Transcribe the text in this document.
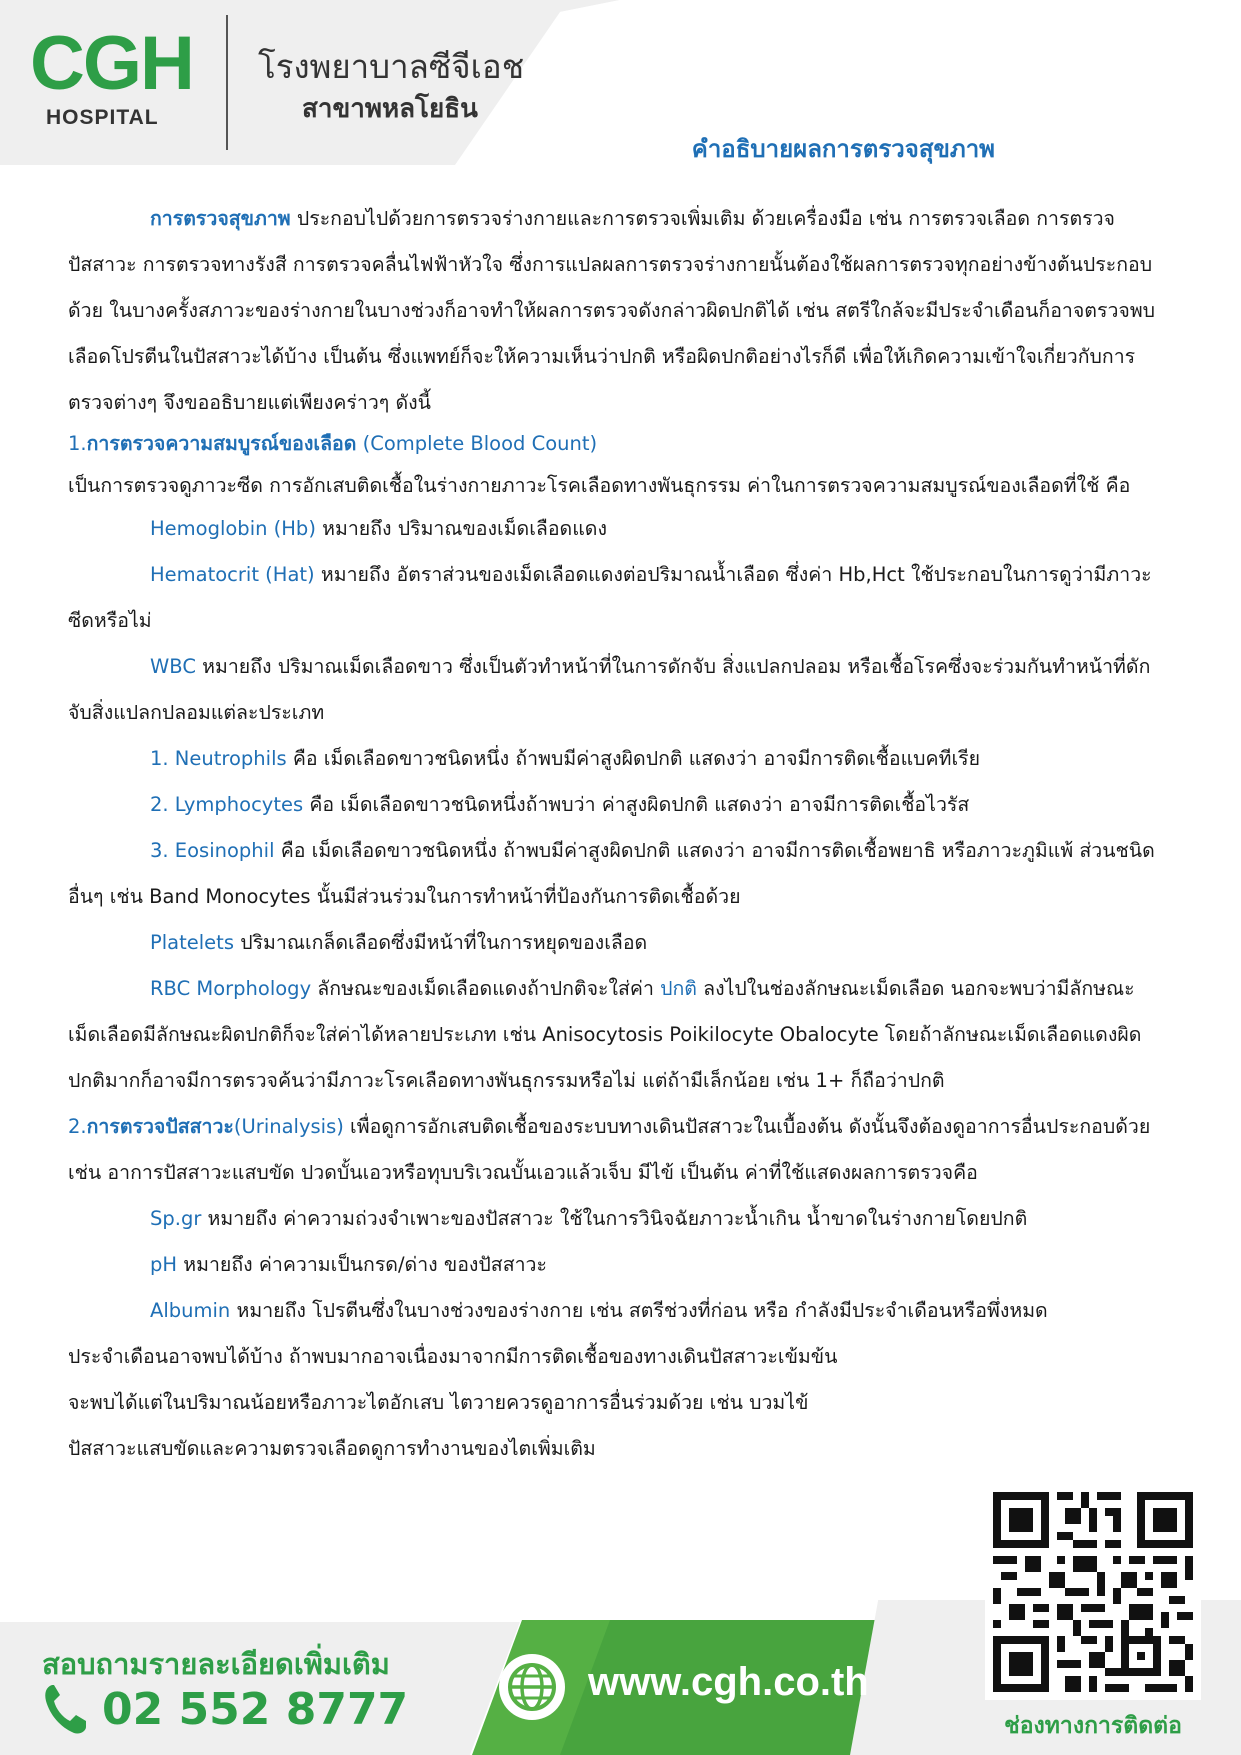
CGH
HOSPITAL
โรงพยาบาลซีจีเอช
สาขาพหลโยธิน
คำอธิบายผลการตรวจสุขภาพ

การตรวจสุขภาพ ประกอบไปด้วยการตรวจร่างกายและการตรวจเพิ่มเติม ด้วยเครื่องมือ เช่น การตรวจเลือด การตรวจปัสสาวะ การตรวจทางรังสี การตรวจคลื่นไฟฟ้าหัวใจ ซึ่งการแปลผลการตรวจร่างกายนั้นต้องใช้ผลการตรวจทุกอย่างข้างต้นประกอบด้วย ในบางครั้งสภาวะของร่างกายในบางช่วงก็อาจทำให้ผลการตรวจดังกล่าวผิดปกติได้ เช่น สตรีใกล้จะมีประจำเดือนก็อาจตรวจพบเลือดโปรตีนในปัสสาวะได้บ้าง เป็นต้น ซึ่งแพทย์ก็จะให้ความเห็นว่าปกติ หรือผิดปกติอย่างไรก็ดี เพื่อให้เกิดความเข้าใจเกี่ยวกับการตรวจต่างๆ จึงขออธิบายแต่เพียงคร่าวๆ ดังนี้

1.การตรวจความสมบูรณ์ของเลือด (Complete Blood Count)

เป็นการตรวจดูภาวะซีด การอักเสบติดเชื้อในร่างกายภาวะโรคเลือดทางพันธุกรรม ค่าในการตรวจความสมบูรณ์ของเลือดที่ใช้ คือ

Hemoglobin (Hb) หมายถึง ปริมาณของเม็ดเลือดแดง

Hematocrit (Hat) หมายถึง อัตราส่วนของเม็ดเลือดแดงต่อปริมาณน้ำเลือด ซึ่งค่า Hb,Hct ใช้ประกอบในการดูว่ามีภาวะซีดหรือไม่

WBC หมายถึง ปริมาณเม็ดเลือดขาว ซึ่งเป็นตัวทำหน้าที่ในการดักจับ สิ่งแปลกปลอม หรือเชื้อโรคซึ่งจะร่วมกันทำหน้าที่ดักจับสิ่งแปลกปลอมแต่ละประเภท

1. Neutrophils คือ เม็ดเลือดขาวชนิดหนึ่ง ถ้าพบมีค่าสูงผิดปกติ แสดงว่า อาจมีการติดเชื้อแบคทีเรีย

2. Lymphocytes คือ เม็ดเลือดขาวชนิดหนึ่งถ้าพบว่า ค่าสูงผิดปกติ แสดงว่า อาจมีการติดเชื้อไวรัส

3. Eosinophil คือ เม็ดเลือดขาวชนิดหนึ่ง ถ้าพบมีค่าสูงผิดปกติ แสดงว่า อาจมีการติดเชื้อพยาธิ หรือภาวะภูมิแพ้ ส่วนชนิดอื่นๆ เช่น Band Monocytes นั้นมีส่วนร่วมในการทำหน้าที่ป้องกันการติดเชื้อด้วย

Platelets ปริมาณเกล็ดเลือดซึ่งมีหน้าที่ในการหยุดของเลือด

RBC Morphology ลักษณะของเม็ดเลือดแดงถ้าปกติจะใส่ค่า ปกติ ลงไปในช่องลักษณะเม็ดเลือด นอกจะพบว่ามีลักษณะเม็ดเลือดมีลักษณะผิดปกติก็จะใส่ค่าได้หลายประเภท เช่น Anisocytosis Poikilocyte Obalocyte โดยถ้าลักษณะเม็ดเลือดแดงผิดปกติมากก็อาจมีการตรวจค้นว่ามีภาวะโรคเลือดทางพันธุกรรมหรือไม่ แต่ถ้ามีเล็กน้อย เช่น 1+ ก็ถือว่าปกติ

2.การตรวจปัสสาวะ(Urinalysis) เพื่อดูการอักเสบติดเชื้อของระบบทางเดินปัสสาวะในเบื้องต้น ดังนั้นจึงต้องดูอาการอื่นประกอบด้วย เช่น อาการปัสสาวะแสบขัด ปวดบั้นเอวหรือทุบบริเวณบั้นเอวแล้วเจ็บ มีไข้ เป็นต้น ค่าที่ใช้แสดงผลการตรวจคือ

Sp.gr หมายถึง ค่าความถ่วงจำเพาะของปัสสาวะ ใช้ในการวินิจฉัยภาวะน้ำเกิน น้ำขาดในร่างกายโดยปกติ

pH หมายถึง ค่าความเป็นกรด/ด่าง ของปัสสาวะ

Albumin หมายถึง โปรตีนซึ่งในบางช่วงของร่างกาย เช่น สตรีช่วงที่ก่อน หรือ กำลังมีประจำเดือนหรือพึ่งหมด

ประจำเดือนอาจพบได้บ้าง ถ้าพบมากอาจเนื่องมาจากมีการติดเชื้อของทางเดินปัสสาวะเข้มข้น

จะพบได้แต่ในปริมาณน้อยหรือภาวะไตอักเสบ ไตวายควรดูอาการอื่นร่วมด้วย เช่น บวมไข้

ปัสสาวะแสบขัดและความตรวจเลือดดูการทำงานของไตเพิ่มเติม

สอบถามรายละเอียดเพิ่มเติม
02 552 8777
www.cgh.co.th
ช่องทางการติดต่อ
